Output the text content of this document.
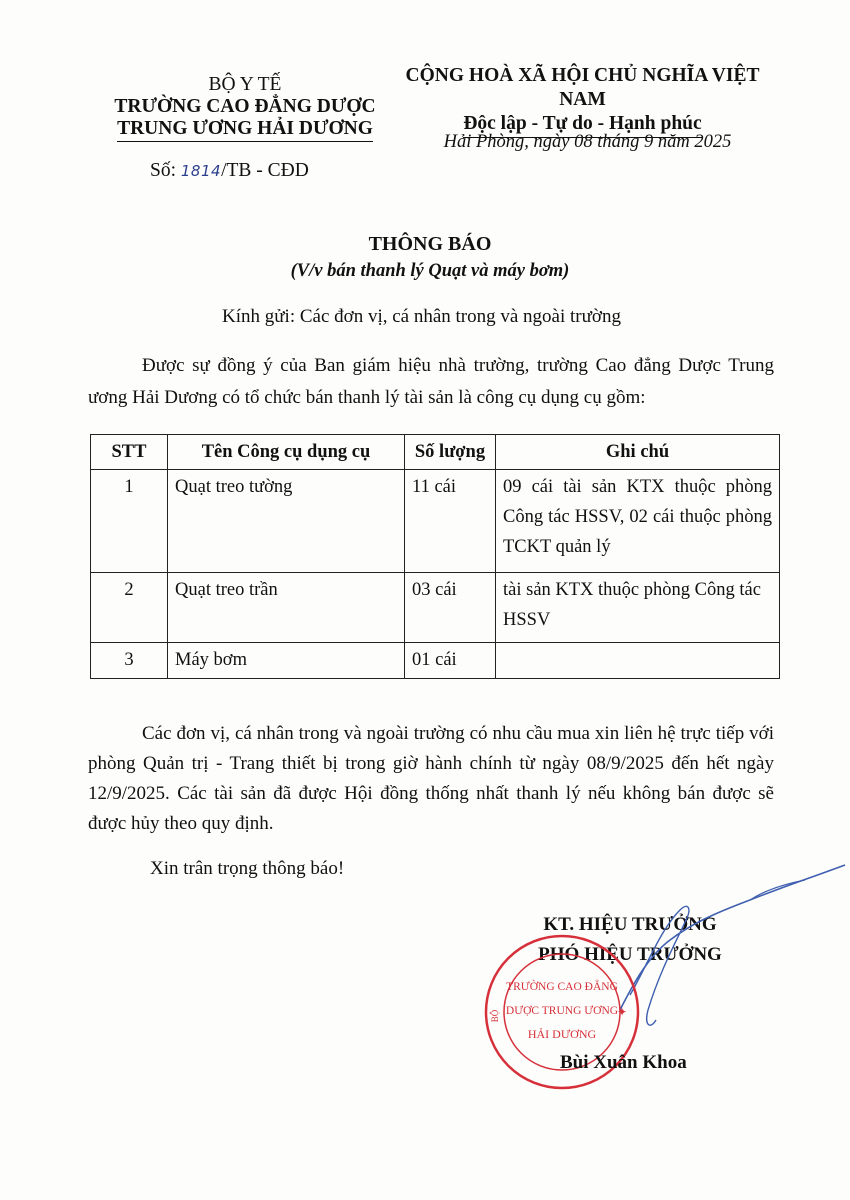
BỘ Y TẾ
TRƯỜNG CAO ĐẲNG DƯỢC
TRUNG ƯƠNG HẢI DƯƠNG
Số: 1814/TB - CĐD
CỘNG HOÀ XÃ HỘI CHỦ NGHĨA VIỆT NAM
Độc lập - Tự do - Hạnh phúc
Hải Phòng, ngày 08 tháng 9 năm 2025
THÔNG BÁO
(V/v bán thanh lý Quạt và máy bơm)
Kính gửi: Các đơn vị, cá nhân trong và ngoài trường
Được sự đồng ý của Ban giám hiệu nhà trường, trường Cao đẳng Dược Trung ương Hải Dương có tổ chức bán thanh lý tài sản là công cụ dụng cụ gồm:
STT	Tên Công cụ dụng cụ	Số lượng	Ghi chú
1	Quạt treo tường	11 cái	09 cái tài sản KTX thuộc phòng Công tác HSSV, 02 cái thuộc phòng TCKT quản lý
2	Quạt treo trần	03 cái	tài sản KTX thuộc phòng Công tác HSSV
3	Máy bơm	01 cái	
Các đơn vị, cá nhân trong và ngoài trường có nhu cầu mua xin liên hệ trực tiếp với phòng Quản trị - Trang thiết bị trong giờ hành chính từ ngày 08/9/2025 đến hết ngày 12/9/2025. Các tài sản đã được Hội đồng thống nhất thanh lý nếu không bán được sẽ được hủy theo quy định.
Xin trân trọng thông báo!
KT. HIỆU TRƯỞNG
PHÓ HIỆU TRƯỞNG
TRƯỜNG CAO ĐẲNG
DƯỢC TRUNG ƯƠNG
HẢI DƯƠNG
BỘ	✦
Bùi Xuân Khoa
